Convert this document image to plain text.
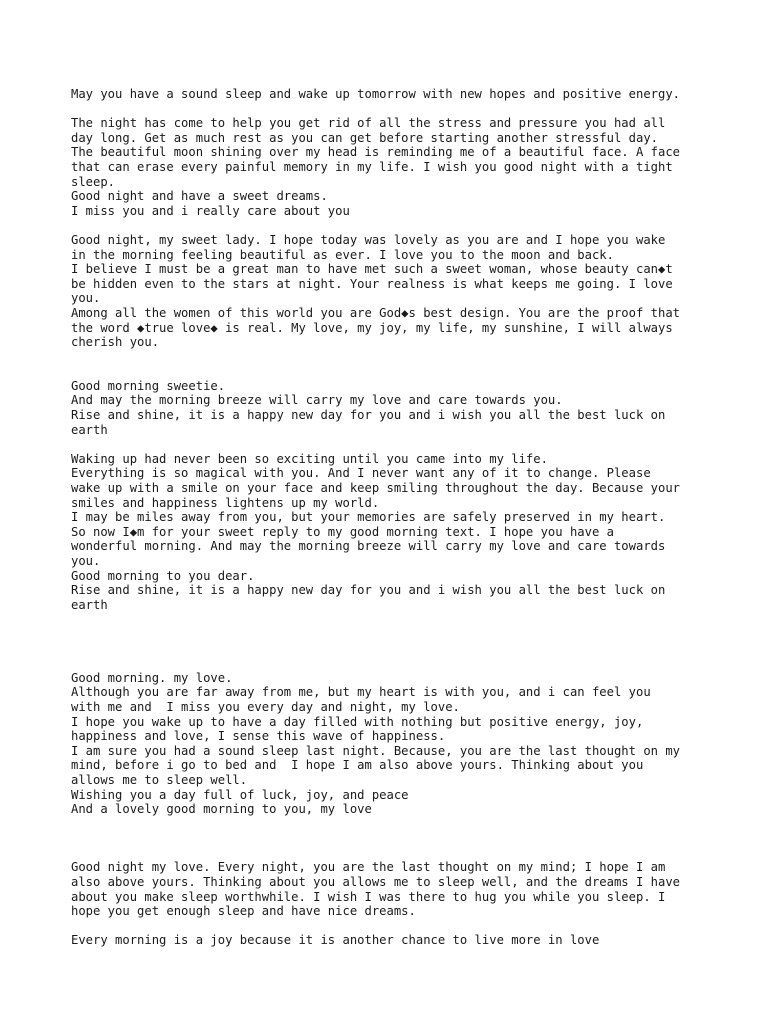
May you have a sound sleep and wake up tomorrow with new hopes and positive energy.
The night has come to help you get rid of all the stress and pressure you had all
day long. Get as much rest as you can get before starting another stressful day.
The beautiful moon shining over my head is reminding me of a beautiful face. A face
that can erase every painful memory in my life. I wish you good night with a tight
sleep.
Good night and have a sweet dreams.
I miss you and i really care about you
Good night, my sweet lady. I hope today was lovely as you are and I hope you wake
in the morning feeling beautiful as ever. I love you to the moon and back.
I believe I must be a great man to have met such a sweet woman, whose beauty can◆t
be hidden even to the stars at night. Your realness is what keeps me going. I love
you.
Among all the women of this world you are God◆s best design. You are the proof that
the word ◆true love◆ is real. My love, my joy, my life, my sunshine, I will always
cherish you.
Good morning sweetie.
And may the morning breeze will carry my love and care towards you.
Rise and shine, it is a happy new day for you and i wish you all the best luck on
earth
Waking up had never been so exciting until you came into my life.
Everything is so magical with you. And I never want any of it to change. Please
wake up with a smile on your face and keep smiling throughout the day. Because your
smiles and happiness lightens up my world.
I may be miles away from you, but your memories are safely preserved in my heart.
So now I◆m for your sweet reply to my good morning text. I hope you have a
wonderful morning. And may the morning breeze will carry my love and care towards
you.
Good morning to you dear.
Rise and shine, it is a happy new day for you and i wish you all the best luck on
earth
Good morning. my love.
Although you are far away from me, but my heart is with you, and i can feel you
with me and  I miss you every day and night, my love.
I hope you wake up to have a day filled with nothing but positive energy, joy,
happiness and love, I sense this wave of happiness.
I am sure you had a sound sleep last night. Because, you are the last thought on my
mind, before i go to bed and  I hope I am also above yours. Thinking about you
allows me to sleep well.
Wishing you a day full of luck, joy, and peace
And a lovely good morning to you, my love
Good night my love. Every night, you are the last thought on my mind; I hope I am
also above yours. Thinking about you allows me to sleep well, and the dreams I have
about you make sleep worthwhile. I wish I was there to hug you while you sleep. I
hope you get enough sleep and have nice dreams.
Every morning is a joy because it is another chance to live more in love
